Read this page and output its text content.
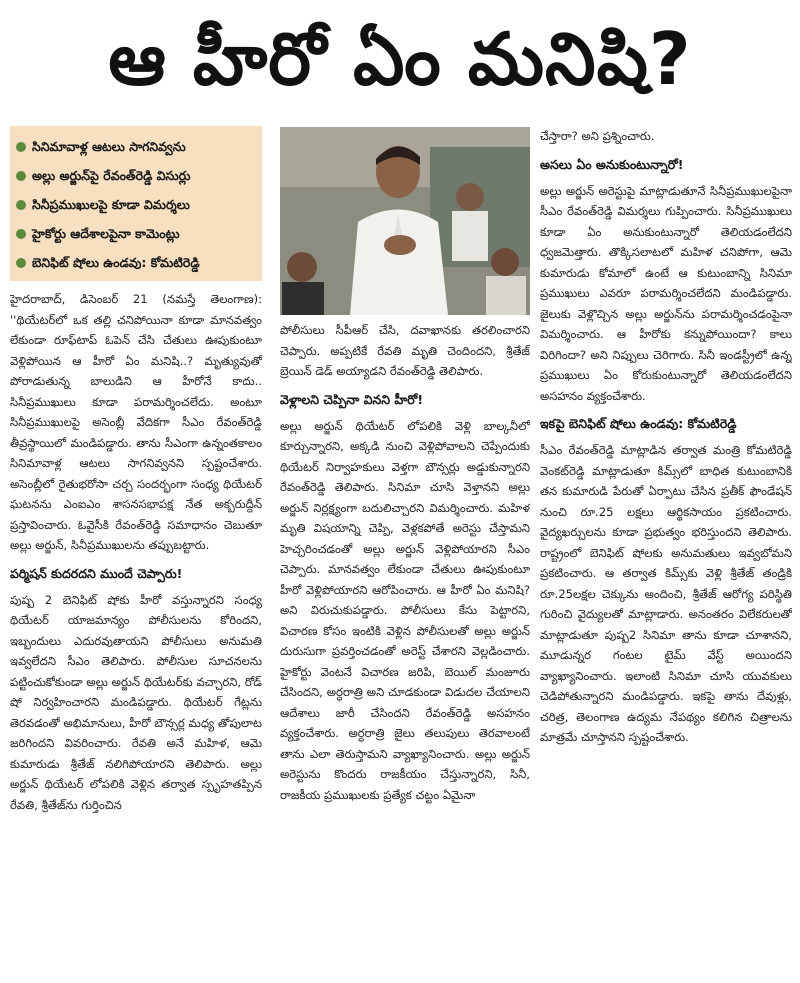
ఆ హీరో ఏం మనిషి?
సినిమావాళ్ల ఆటలు సాగనివ్వను
అల్లు అర్జున్‌పై రేవంత్‌రెడ్డి విసుర్లు
సినీప్రముఖులపై కూడా విమర్శలు
హైకోర్టు ఆదేశాలపైనా కామెంట్లు
బెనిఫిట్‌ షోలు ఉండవు: కోమటిరెడ్డి

హైదరాబాద్‌, డిసెంబర్‌ 21 (నమస్తే తెలంగాణ): ''థియేటర్‌లో ఒక తల్లి చనిపోయినా కూడా మానవత్వం లేకుండా రూఫ్‌టాప్‌ ఓపెన్‌ చేసి చేతులు ఊపుకుంటూ వెళ్లిపోయిన ఆ హీరో ఏం మనిషి..? మృత్యువుతో పోరాడుతున్న బాలుడిని ఆ హీరోనే కాదు.. సినీప్రముఖులు కూడా పరామర్శించలేదు. అంటూ సినీప్రముఖులపై అసెంబ్లీ వేదికగా సీఎం రేవంత్‌రెడ్డి తీవ్రస్థాయిలో మండిపడ్డారు. తాను సీఎంగా ఉన్నంతకాలం సినిమావాళ్ల ఆటలు సాగనివ్వనని స్పష్టంచేశారు. అసెంబ్లీలో రైతుభరోసా చర్చ సందర్భంగా సంధ్య థియేటర్‌ ఘటనను ఎంఐఎం శాసనసభాపక్ష నేత అక్బరుద్దీన్‌ ప్రస్తావించారు. ఓవైసీకి రేవంత్‌రెడ్డి సమాధానం చెబుతూ అల్లు అర్జున్‌, సినీప్రముఖులను తప్పుబట్టారు.

పర్మిషన్‌ కుదరదని ముందే చెప్పారు!

పుష్ప 2 బెనిఫిట్‌ షోకు హీరో వస్తున్నారని సంధ్య థియేటర్‌ యాజమాన్యం పోలీసులను కోరిందని, ఇబ్బందులు ఎదురవుతాయని పోలీసులు అనుమతి ఇవ్వలేదని సీఎం తెలిపారు. పోలీసుల సూచనలను పట్టించుకోకుండా అల్లు అర్జున్‌ థియేటర్‌కు వచ్చారని, రోడ్‌ షో నిర్వహించారని మండిపడ్డారు. థియేటర్‌ గేట్లను తెరవడంతో అభిమానులు, హీరో బౌన్సర్ల మధ్య తోపులాట జరిగిందని వివరించారు. రేవతి అనే మహిళ, ఆమె కుమారుడు శ్రీతేజ్‌ నలిగిపోయారని తెలిపారు. అల్లు అర్జున్‌ థియేటర్‌ లోపలికి వెళ్లిన తర్వాత స్పృహతప్పిన రేవతి, శ్రీతేజ్‌ను గుర్తించిన

పోలీసులు సీపీఆర్‌ చేసి, దవాఖానకు తరలించారని చెప్పారు. అప్పటికే రేవతి మృతి చెందిందని, శ్రీతేజ్‌ బ్రెయిన్‌ డెడ్‌ అయ్యాడని రేవంత్‌రెడ్డి తెలిపారు.

వెళ్లాలని చెప్పినా వినని హీరో!

అల్లు అర్జున్‌ థియేటర్‌ లోపలికి వెళ్లి బాల్కనీలో కూర్చున్నారని, అక్కడి నుంచి వెళ్లిపోవాలని చెప్పేందుకు థియేటర్‌ నిర్వాహకులు వెళ్తగా బౌన్సర్లు అడ్డుకున్నారని రేవంత్‌రెడ్డి తెలిపారు. సినిమా చూసి వెళ్తానని అల్లు అర్జున్‌ నిర్లక్ష్యంగా బదులిచ్చారని విమర్శించారు. మహిళ మృతి విషయాన్ని చెప్పి, వెళ్లకపోతే అరెస్టు చేస్తామని హెచ్చరించడంతో అల్లు అర్జున్‌ వెళ్లిపోయారని సీఎం చెప్పారు. మానవత్వం లేకుండా చేతులు ఊపుకుంటూ హీరో వెళ్లిపోయారని ఆరోపించారు. ఆ హీరో ఏం మనిషి? అని విరుచుకుపడ్డారు. పోలీసులు కేసు పెట్టారని, విచారణ కోసం ఇంటికి వెళ్లిన పోలీసులతో అల్లు అర్జున్‌ దురుసుగా ప్రవర్తించడంతో అరెస్ట్‌ చేశారని వెల్లడించారు. హైకోర్టు వెంటనే విచారణ జరిపి, బెయిల్‌ మంజూరు చేసిందని, అర్ధరాత్రి అని చూడకుండా విడుదల చేయాలని ఆదేశాలు జారీ చేసిందని రేవంత్‌రెడ్డి అసహనం వ్యక్తంచేశారు. అర్ధరాత్రి జైలు తలుపులు తెరవాలంటే తాను ఎలా తెరుస్తామని వ్యాఖ్యానించారు. అల్లు అర్జున్‌ అరెస్టును కొందరు రాజకీయం చేస్తున్నారని, సినీ, రాజకీయ ప్రముఖులకు ప్రత్యేక చట్టం ఏమైనా

చేస్తారా? అని ప్రశ్నించారు.

అసలు ఏం అనుకుంటున్నారో!

అల్లు అర్జున్‌ అరెస్టుపై మాట్లాడుతూనే సినీప్రముఖులపైనా సీఎం రేవంత్‌రెడ్డి విమర్శలు గుప్పించారు. సినీప్రముఖులు కూడా ఏం అనుకుంటున్నారో తెలియడంలేదని ధ్వజమెత్తారు. తొక్కిసలాటలో మహిళ చనిపోగా, ఆమె కుమారుడు కోమాలో ఉంటే ఆ కుటుంబాన్ని సినిమా ప్రముఖులు ఎవరూ పరామర్శించలేదని మండిపడ్డారు. జైలుకు వెళ్లొచ్చిన అల్లు అర్జున్‌ను పరామర్శించడంపైనా విమర్శించారు. ఆ హీరోకు కన్నుపోయిందా? కాలు విరిగిందా? అని నిప్పులు చెరిగారు. సినీ ఇండస్ట్రీలో ఉన్న ప్రముఖులు ఏం కోరుకుంటున్నారో తెలియడంలేదని అసహనం వ్యక్తంచేశారు.

ఇకపై బెనిఫిట్‌ షోలు ఉండవు: కోమటిరెడ్డి

సీఎం రేవంత్‌రెడ్డి మాట్లాడిన తర్వాత మంత్రి కోమటిరెడ్డి వెంకట్‌రెడ్డి మాట్లాడుతూ కిమ్స్‌లో బాధిత కుటుంబానికి తన కుమారుడి పేరుతో ఏర్పాటు చేసిన ప్రతీక్‌ ఫౌండేషన్‌ నుంచి రూ.25 లక్షలు ఆర్థికసాయం ప్రకటించారు. వైద్యఖర్చులను కూడా ప్రభుత్వం భరిస్తుందని తెలిపారు. రాష్ట్రంలో బెనిఫిట్‌ షోలకు అనుమతులు ఇవ్వబోమని ప్రకటించారు. ఆ తర్వాత కిమ్స్‌కు వెళ్లి శ్రీతేజ్‌ తండ్రికి రూ.25లక్షల చెక్కును అందించి, శ్రీతేజ్‌ ఆరోగ్య పరిస్థితి గురించి వైద్యులతో మాట్లాడారు. అనంతరం విలేకరులతో మాట్లాడుతూ పుష్ప2 సినిమా తాను కూడా చూశానని, మూడున్నర గంటల టైమ్‌ వేస్ట్‌ అయిందని వ్యాఖ్యానించారు. ఇలాంటి సినిమా చూసి యువకులు చెడిపోతున్నారని మండిపడ్డారు. ఇకపై తాను దేవుళ్లు, చరిత్ర, తెలంగాణ ఉద్యమ నేపథ్యం కలిగిన చిత్రాలను మాత్రమే చూస్తానని స్పష్టంచేశారు.
